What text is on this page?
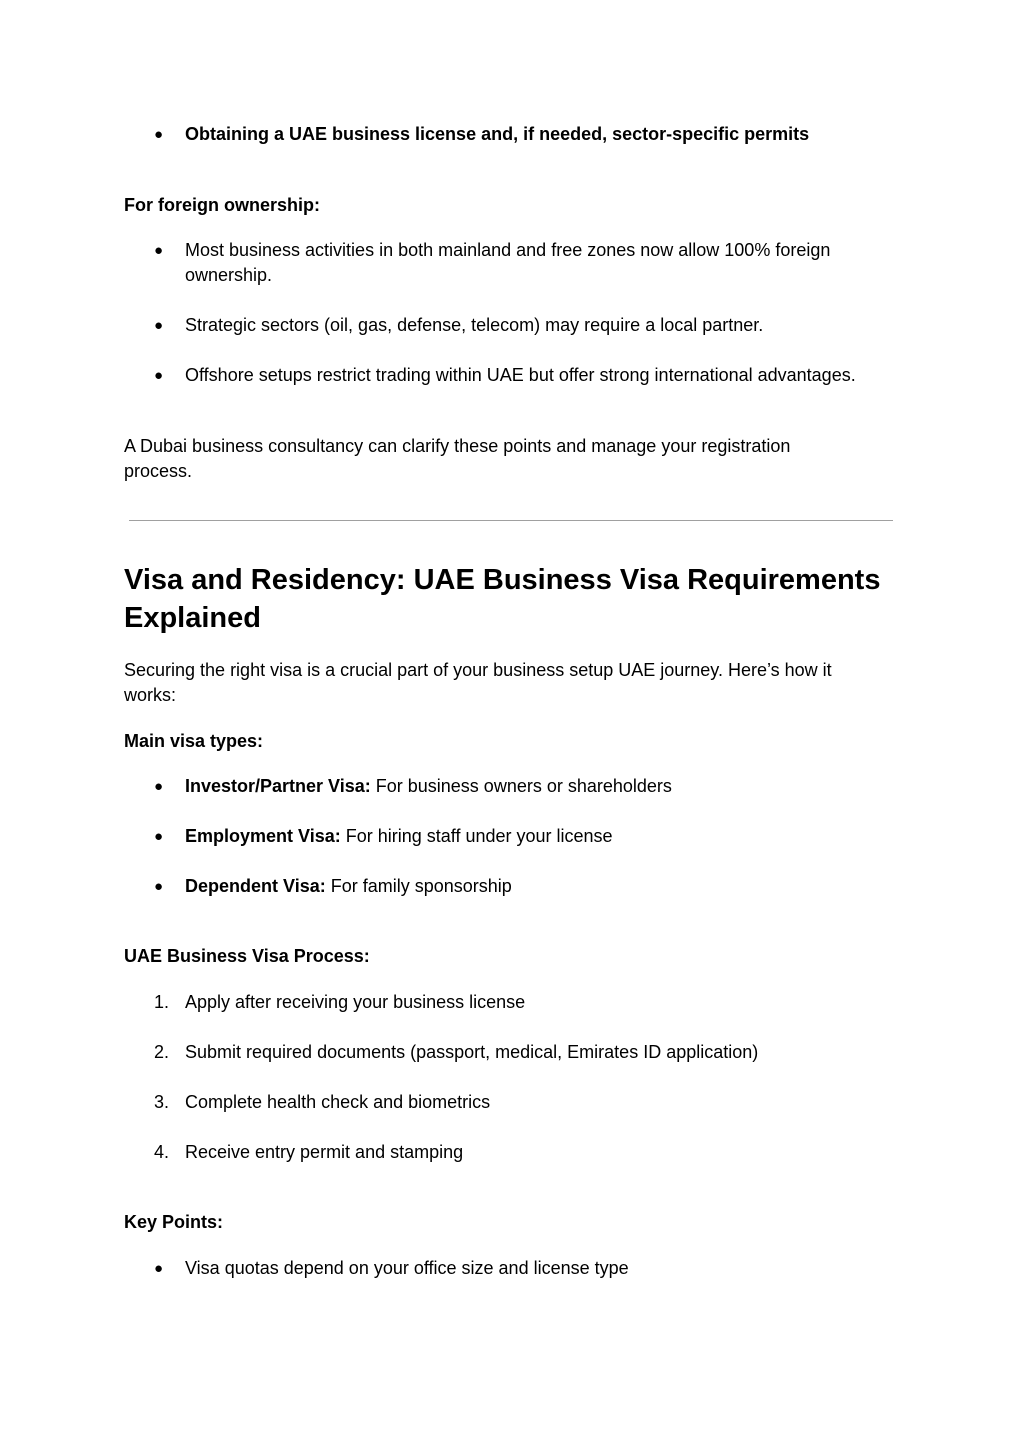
● Obtaining a UAE business license and, if needed, sector-specific permits
For foreign ownership:
● Most business activities in both mainland and free zones now allow 100% foreign ownership.
● Strategic sectors (oil, gas, defense, telecom) may require a local partner.
● Offshore setups restrict trading within UAE but offer strong international advantages.
A Dubai business consultancy can clarify these points and manage your registration process.
Visa and Residency: UAE Business Visa Requirements Explained
Securing the right visa is a crucial part of your business setup UAE journey. Here’s how it works:
Main visa types:
● Investor/Partner Visa: For business owners or shareholders
● Employment Visa: For hiring staff under your license
● Dependent Visa: For family sponsorship
UAE Business Visa Process:
1. Apply after receiving your business license
2. Submit required documents (passport, medical, Emirates ID application)
3. Complete health check and biometrics
4. Receive entry permit and stamping
Key Points:
● Visa quotas depend on your office size and license type
